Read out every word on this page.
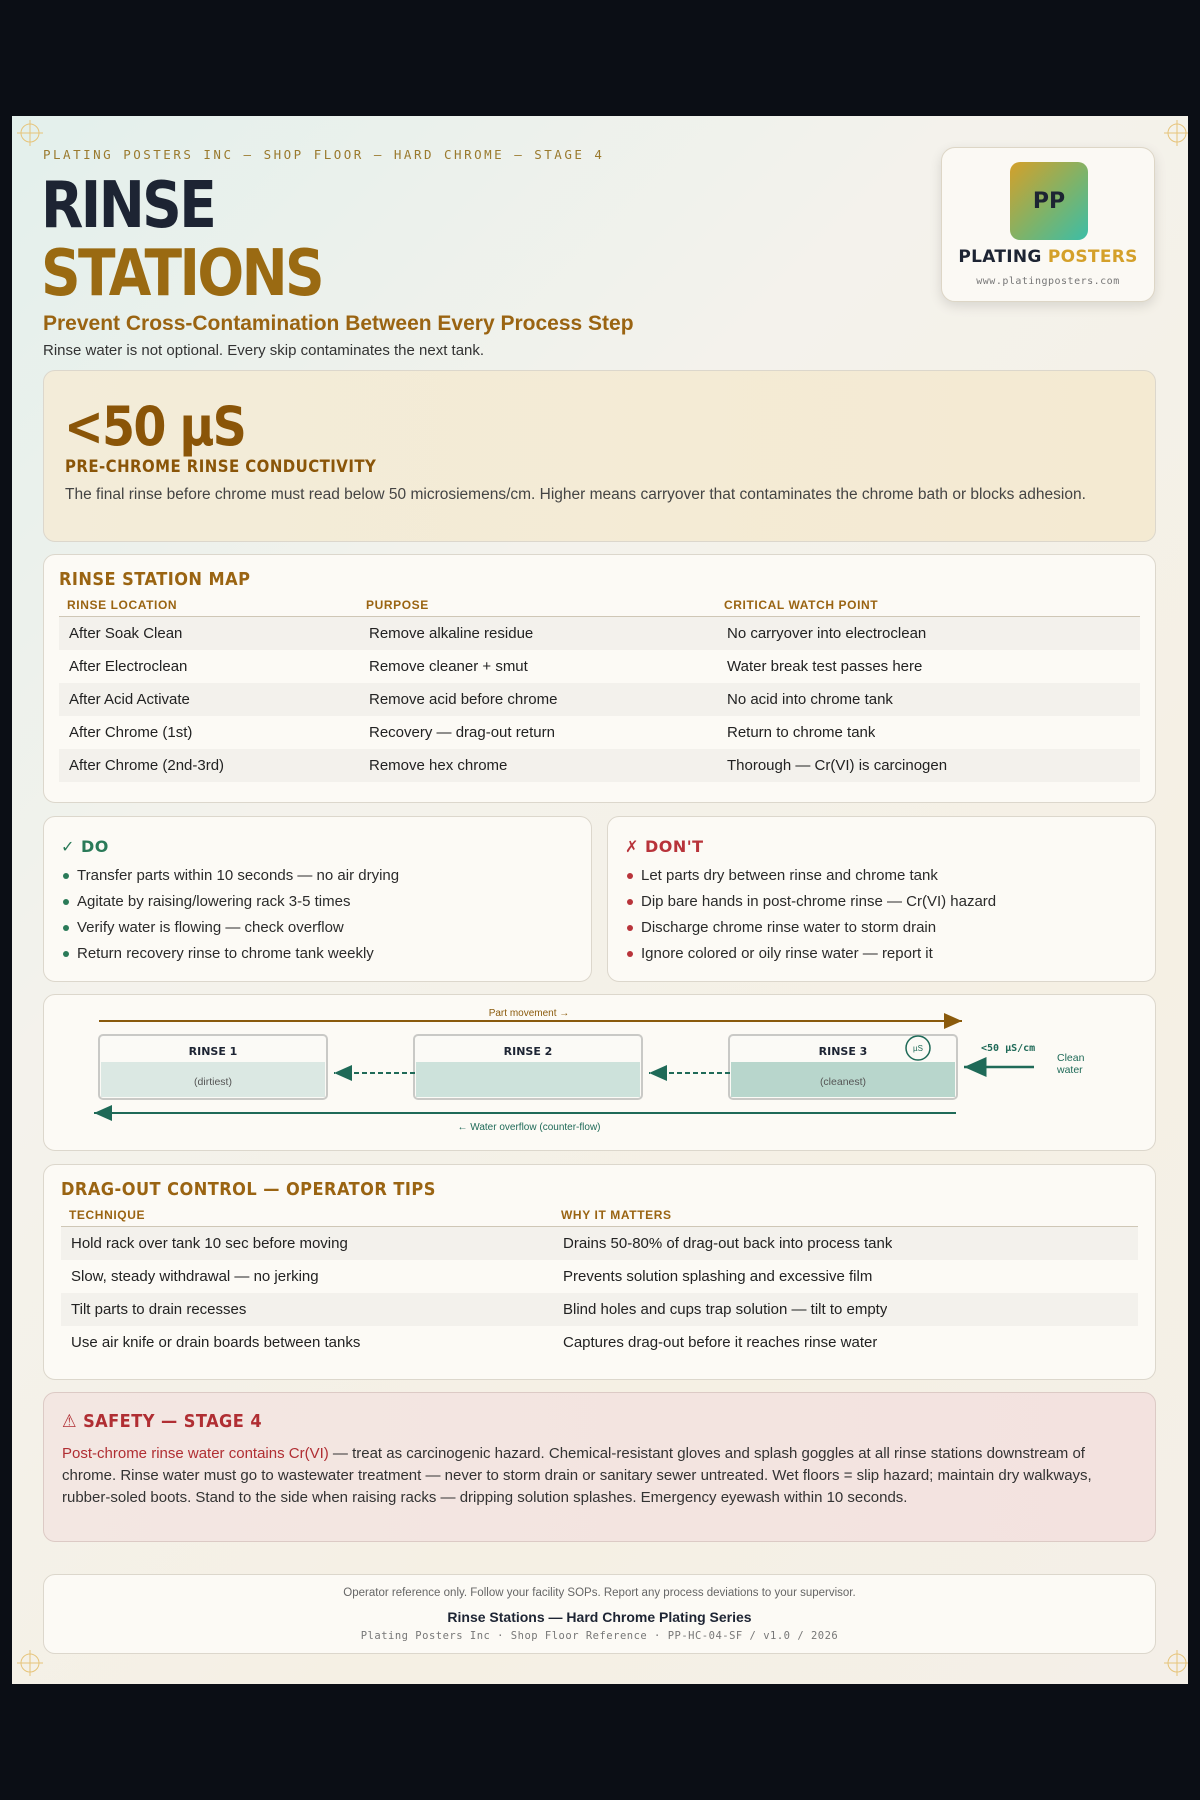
PLATING POSTERS INC — SHOP FLOOR — HARD CHROME — STAGE 4
RINSE
STATIONS
Prevent Cross-Contamination Between Every Process Step
Rinse water is not optional. Every skip contaminates the next tank.
PP
PLATING POSTERS
www.platingposters.com
<50 µS
PRE-CHROME RINSE CONDUCTIVITY
The final rinse before chrome must read below 50 microsiemens/cm. Higher means carryover that contaminates the chrome bath or blocks adhesion.
RINSE STATION MAP
RINSE LOCATION	PURPOSE	CRITICAL WATCH POINT
After Soak Clean	Remove alkaline residue	No carryover into electroclean
After Electroclean	Remove cleaner + smut	Water break test passes here
After Acid Activate	Remove acid before chrome	No acid into chrome tank
After Chrome (1st)	Recovery — drag-out return	Return to chrome tank
After Chrome (2nd-3rd)	Remove hex chrome	Thorough — Cr(VI) is carcinogen
✓ DO
Transfer parts within 10 seconds — no air drying
Agitate by raising/lowering rack 3-5 times
Verify water is flowing — check overflow
Return recovery rinse to chrome tank weekly
✗ DON'T
Let parts dry between rinse and chrome tank
Dip bare hands in post-chrome rinse — Cr(VI) hazard
Discharge chrome rinse water to storm drain
Ignore colored or oily rinse water — report it
Part movement →
RINSE 1
(dirtiest)
RINSE 2	RINSE 3
(cleanest)
µS	<50 µS/cm
Clean
water
← Water overflow (counter-flow)
DRAG-OUT CONTROL — OPERATOR TIPS
TECHNIQUE	WHY IT MATTERS
Hold rack over tank 10 sec before moving	Drains 50-80% of drag-out back into process tank
Slow, steady withdrawal — no jerking	Prevents solution splashing and excessive film
Tilt parts to drain recesses	Blind holes and cups trap solution — tilt to empty
Use air knife or drain boards between tanks	Captures drag-out before it reaches rinse water
⚠ SAFETY — STAGE 4
Post-chrome rinse water contains Cr(VI) — treat as carcinogenic hazard. Chemical-resistant gloves and splash goggles at all rinse stations downstream of chrome. Rinse water must go to wastewater treatment — never to storm drain or sanitary sewer untreated. Wet floors = slip hazard; maintain dry walkways, rubber-soled boots. Stand to the side when raising racks — dripping solution splashes. Emergency eyewash within 10 seconds.
Operator reference only. Follow your facility SOPs. Report any process deviations to your supervisor.
Rinse Stations — Hard Chrome Plating Series
Plating Posters Inc · Shop Floor Reference · PP-HC-04-SF / v1.0 / 2026
